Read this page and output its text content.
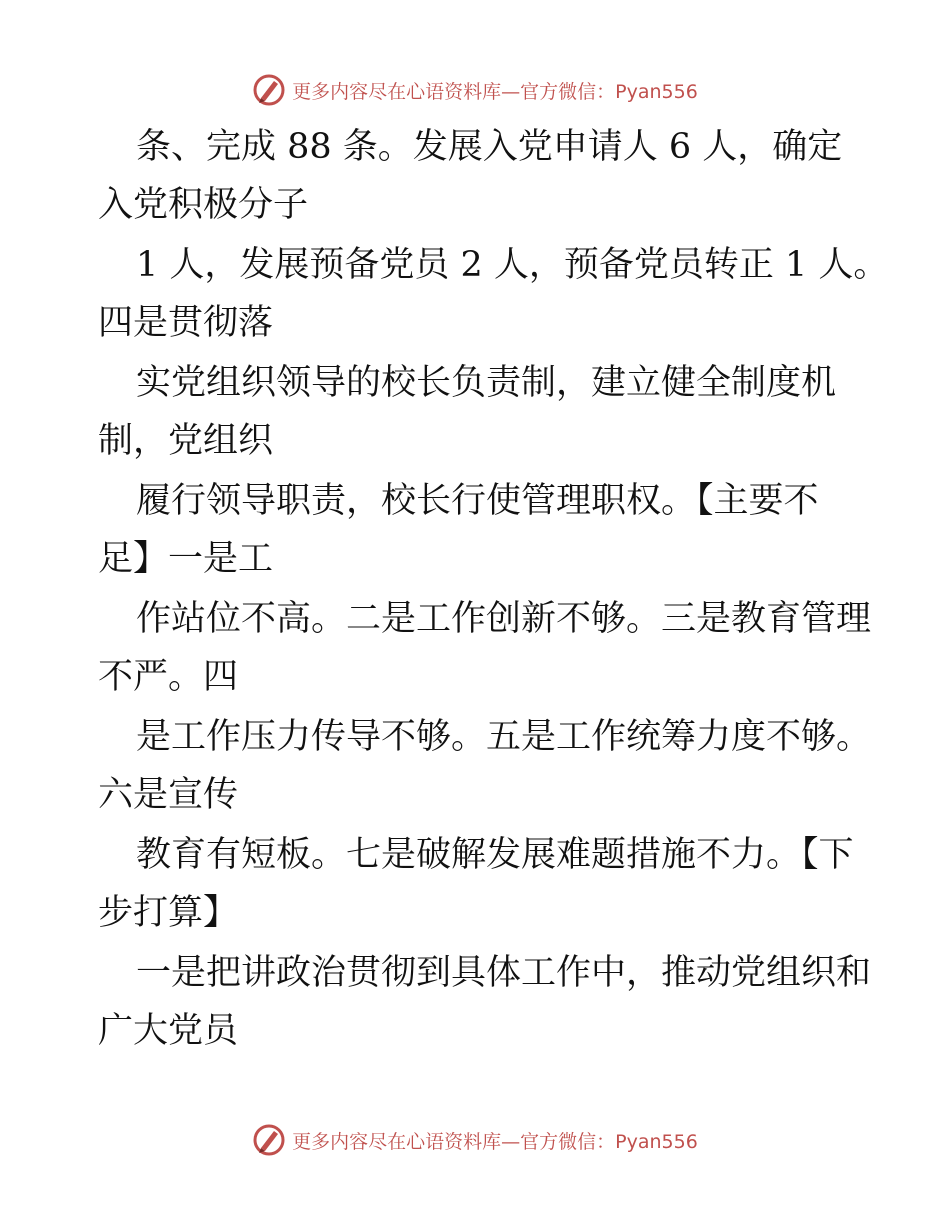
更多内容尽在心语资料库—官方微信：Pyan556
条、完成 88 条。发展入党申请人 6 人，确定
入党积极分子
1 人，发展预备党员 2 人，预备党员转正 1 人。
四是贯彻落
实党组织领导的校长负责制，建立健全制度机
制，党组织
履行领导职责，校长行使管理职权。【主要不
足】一是工
作站位不高。二是工作创新不够。三是教育管理
不严。四
是工作压力传导不够。五是工作统筹力度不够。
六是宣传
教育有短板。七是破解发展难题措施不力。【下
步打算】
一是把讲政治贯彻到具体工作中，推动党组织和
广大党员
更多内容尽在心语资料库—官方微信：Pyan556
